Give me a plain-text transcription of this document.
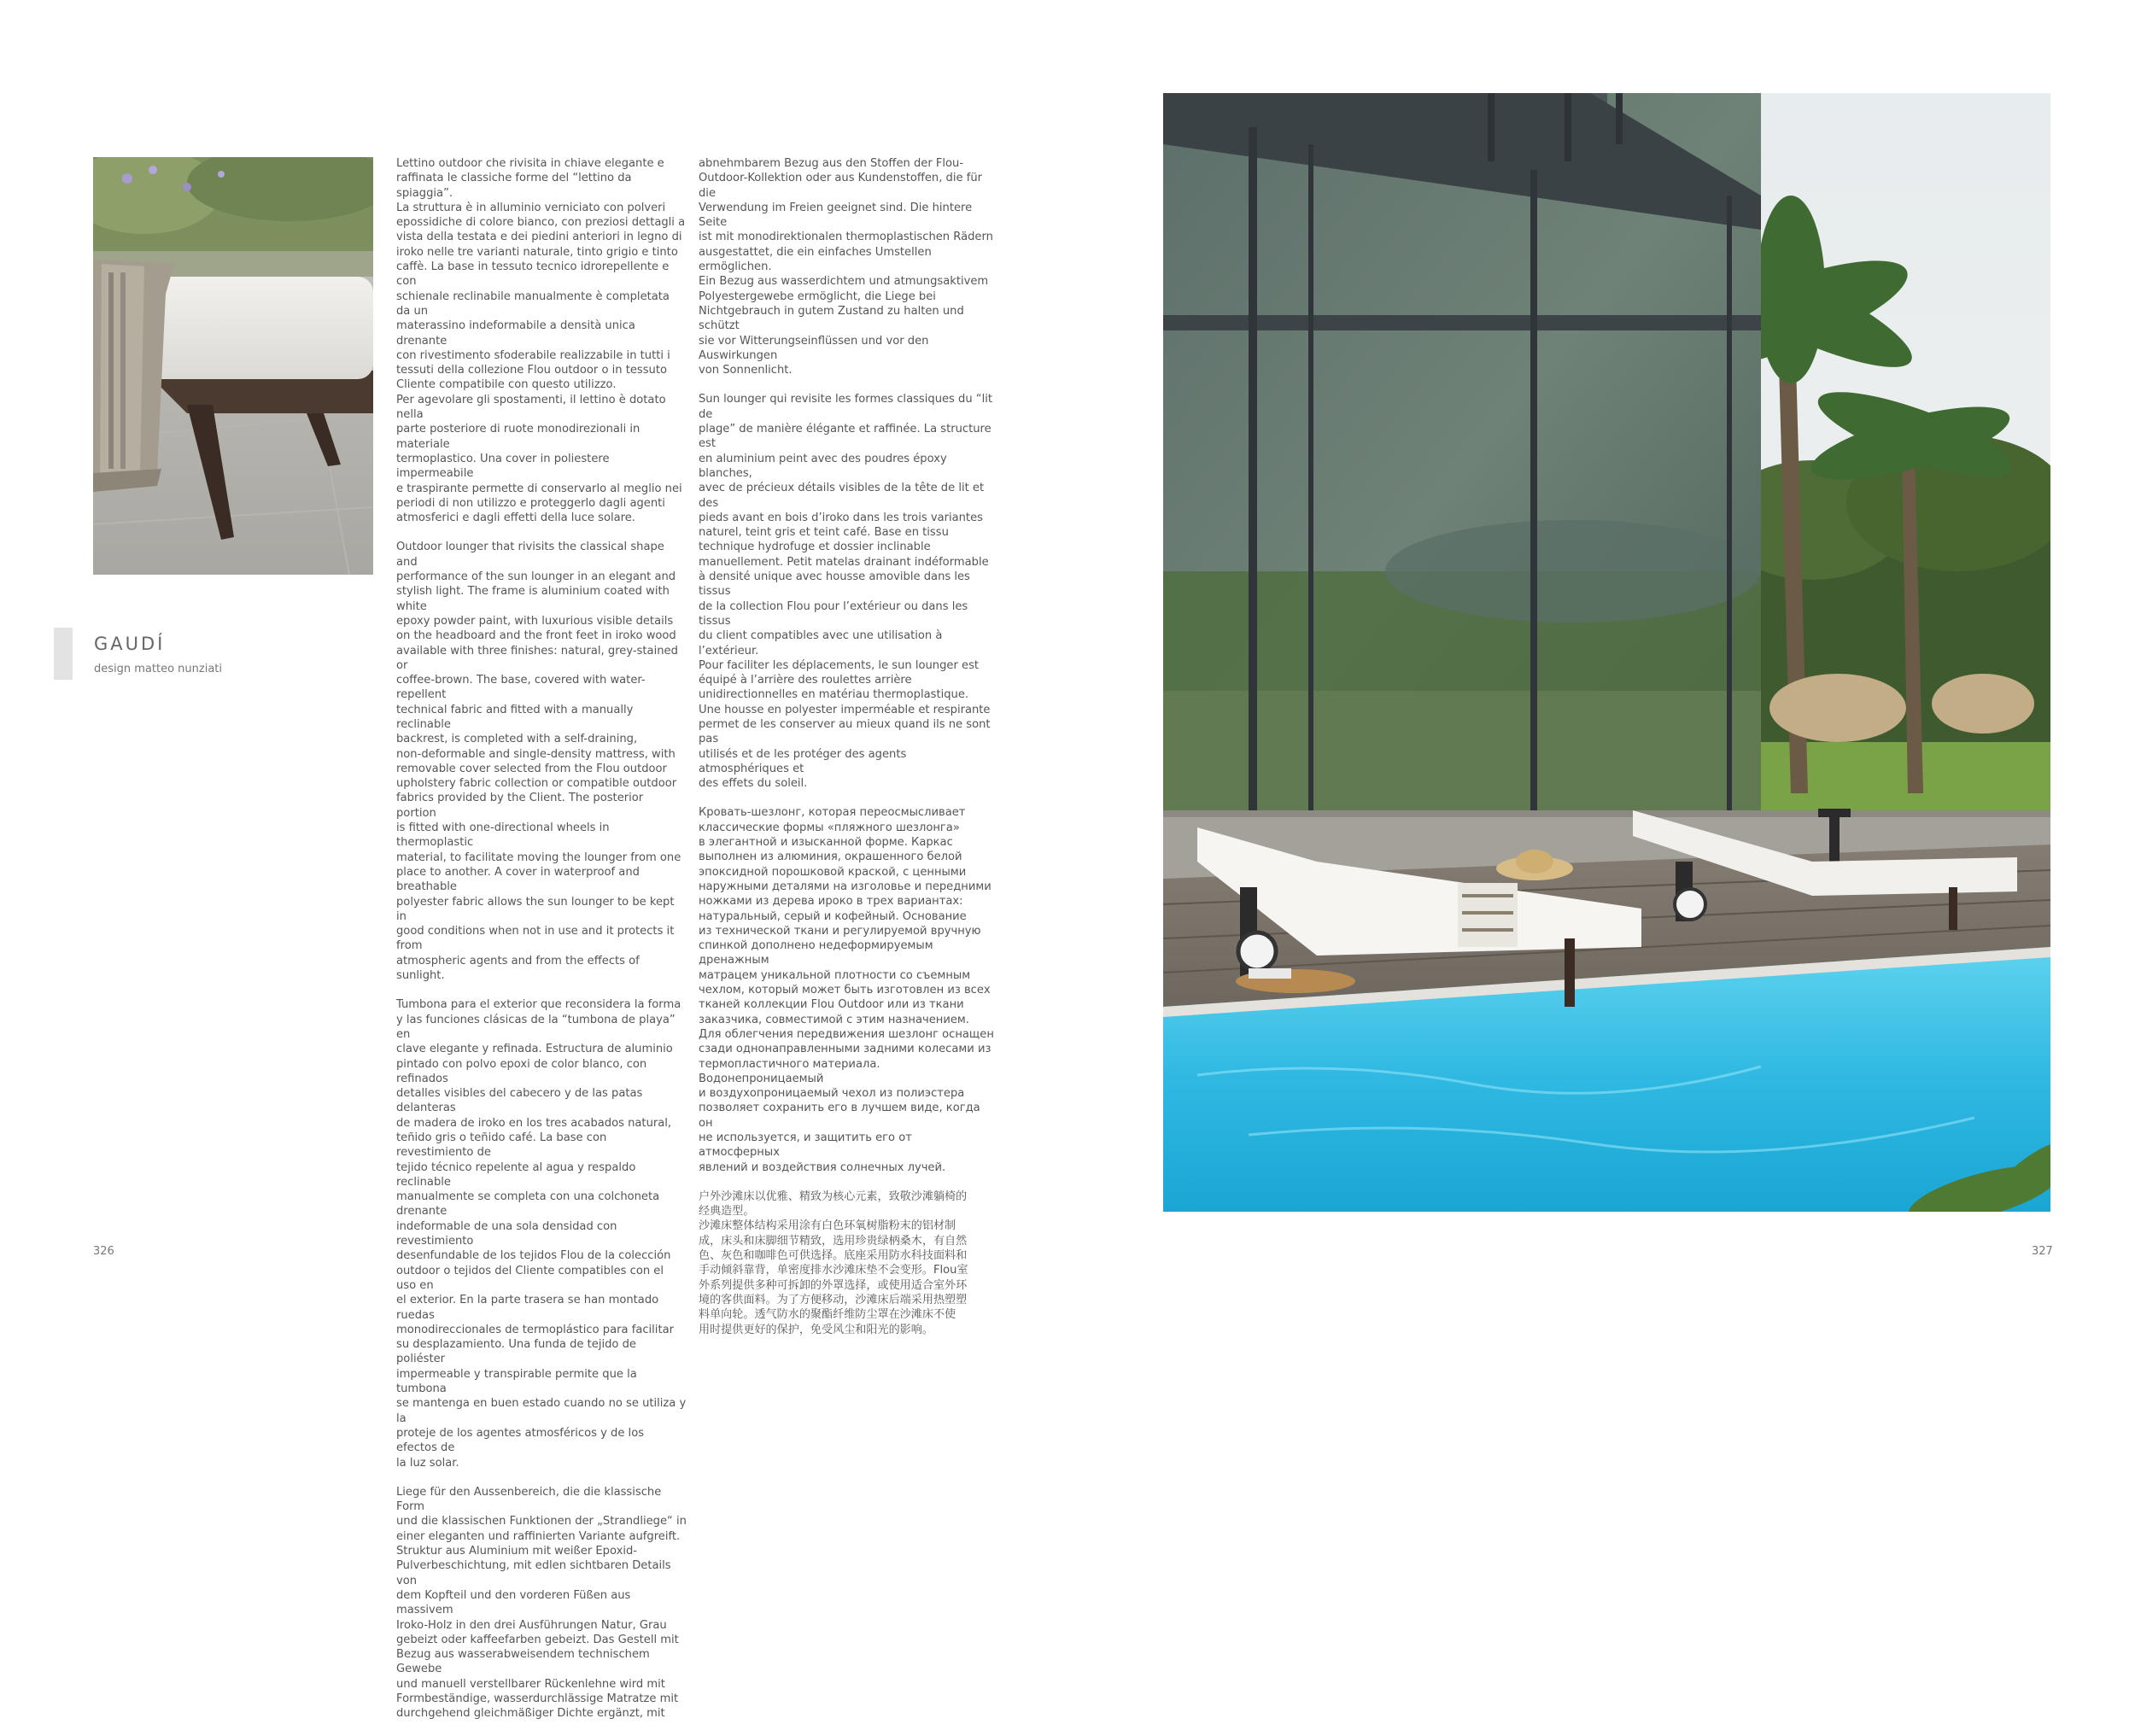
GAUDÍ
design matteo nunziati

Lettino outdoor che rivisita in chiave elegante e
raffinata le classiche forme del “lettino da spiaggia”.
La struttura è in alluminio verniciato con polveri
epossidiche di colore bianco, con preziosi dettagli a
vista della testata e dei piedini anteriori in legno di
iroko nelle tre varianti naturale, tinto grigio e tinto
caffè. La base in tessuto tecnico idrorepellente e con
schienale reclinabile manualmente è completata da un
materassino indeformabile a densità unica drenante
con rivestimento sfoderabile realizzabile in tutti i
tessuti della collezione Flou outdoor o in tessuto
Cliente compatibile con questo utilizzo.
Per agevolare gli spostamenti, il lettino è dotato nella
parte posteriore di ruote monodirezionali in materiale
termoplastico. Una cover in poliestere impermeabile
e traspirante permette di conservarlo al meglio nei
periodi di non utilizzo e proteggerlo dagli agenti
atmosferici e dagli effetti della luce solare.

Outdoor lounger that rivisits the classical shape and
performance of the sun lounger in an elegant and
stylish light. The frame is aluminium coated with white
epoxy powder paint, with luxurious visible details
on the headboard and the front feet in iroko wood
available with three finishes: natural, grey-stained or
coffee-brown. The base, covered with water-repellent
technical fabric and fitted with a manually reclinable
backrest, is completed with a self-draining,
non-deformable and single-density mattress, with
removable cover selected from the Flou outdoor
upholstery fabric collection or compatible outdoor
fabrics provided by the Client. The posterior portion
is fitted with one-directional wheels in thermoplastic
material, to facilitate moving the lounger from one
place to another. A cover in waterproof and breathable
polyester fabric allows the sun lounger to be kept in
good conditions when not in use and it protects it from
atmospheric agents and from the effects of sunlight.

Tumbona para el exterior que reconsidera la forma
y las funciones clásicas de la “tumbona de playa” en
clave elegante y refinada. Estructura de aluminio
pintado con polvo epoxi de color blanco, con refinados
detalles visibles del cabecero y de las patas delanteras
de madera de iroko en los tres acabados natural,
teñido gris o teñido café. La base con revestimiento de
tejido técnico repelente al agua y respaldo reclinable
manualmente se completa con una colchoneta drenante
indeformable de una sola densidad con revestimiento
desenfundable de los tejidos Flou de la colección
outdoor o tejidos del Cliente compatibles con el uso en
el exterior. En la parte trasera se han montado ruedas
monodireccionales de termoplástico para facilitar
su desplazamiento. Una funda de tejido de poliéster
impermeable y transpirable permite que la tumbona
se mantenga en buen estado cuando no se utiliza y la
proteje de los agentes atmosféricos y de los efectos de
la luz solar.

Liege für den Aussenbereich, die die klassische Form
und die klassischen Funktionen der „Strandliege“ in
einer eleganten und raffinierten Variante aufgreift.
Struktur aus Aluminium mit weißer Epoxid-
Pulverbeschichtung, mit edlen sichtbaren Details von
dem Kopfteil und den vorderen Füßen aus massivem
Iroko-Holz in den drei Ausführungen Natur, Grau
gebeizt oder kaffeefarben gebeizt. Das Gestell mit
Bezug aus wasserabweisendem technischem Gewebe
und manuell verstellbarer Rückenlehne wird mit
Formbeständige, wasserdurchlässige Matratze mit
durchgehend gleichmäßiger Dichte ergänzt, mit

abnehmbarem Bezug aus den Stoffen der Flou-
Outdoor-Kollektion oder aus Kundenstoffen, die für die
Verwendung im Freien geeignet sind. Die hintere Seite
ist mit monodirektionalen thermoplastischen Rädern
ausgestattet, die ein einfaches Umstellen ermöglichen.
Ein Bezug aus wasserdichtem und atmungsaktivem
Polyestergewebe ermöglicht, die Liege bei
Nichtgebrauch in gutem Zustand zu halten und schützt
sie vor Witterungseinflüssen und vor den Auswirkungen
von Sonnenlicht.

Sun lounger qui revisite les formes classiques du “lit de
plage” de manière élégante et raffinée. La structure est
en aluminium peint avec des poudres époxy blanches,
avec de précieux détails visibles de la tête de lit et des
pieds avant en bois d’iroko dans les trois variantes
naturel, teint gris et teint café. Base en tissu
technique hydrofuge et dossier inclinable
manuellement. Petit matelas drainant indéformable
à densité unique avec housse amovible dans les tissus
de la collection Flou pour l’extérieur ou dans les tissus
du client compatibles avec une utilisation à l’extérieur.
Pour faciliter les déplacements, le sun lounger est
équipé à l’arrière des roulettes arrière
unidirectionnelles en matériau thermoplastique.
Une housse en polyester imperméable et respirante
permet de les conserver au mieux quand ils ne sont pas
utilisés et de les protéger des agents atmosphériques et
des effets du soleil.

Кровать-шезлонг, которая переосмысливает
классические формы «пляжного шезлонга»
в элегантной и изысканной форме. Каркас
выполнен из алюминия, окрашенного белой
эпоксидной порошковой краской, с ценными
наружными деталями на изголовье и передними
ножками из дерева ироко в трех вариантах:
натуральный, серый и кофейный. Основание
из технической ткани и регулируемой вручную
спинкой дополнено недеформируемым дренажным
матрацем уникальной плотности со съемным
чехлом, который может быть изготовлен из всех
тканей коллекции Flou Outdoor или из ткани
заказчика, совместимой с этим назначением.
Для облегчения передвижения шезлонг оснащен
сзади однонаправленными задними колесами из
термопластичного материала. Водонепроницаемый
и воздухопроницаемый чехол из полиэстера
позволяет сохранить его в лучшем виде, когда он
не используется, и защитить его от атмосферных
явлений и воздействия солнечных лучей.

户外沙滩床以优雅、精致为核心元素，致敬沙滩躺椅的
经典造型。
沙滩床整体结构采用涂有白色环氧树脂粉末的铝材制
成，床头和床脚细节精致，选用珍贵绿柄桑木，有自然
色、灰色和咖啡色可供选择。底座采用防水科技面料和
手动倾斜靠背，单密度排水沙滩床垫不会变形。Flou室
外系列提供多种可拆卸的外罩选择，或使用适合室外环
境的客供面料。为了方便移动，沙滩床后端采用热塑塑
料单向轮。透气防水的聚酯纤维防尘罩在沙滩床不使
用时提供更好的保护，免受风尘和阳光的影响。

326	327
